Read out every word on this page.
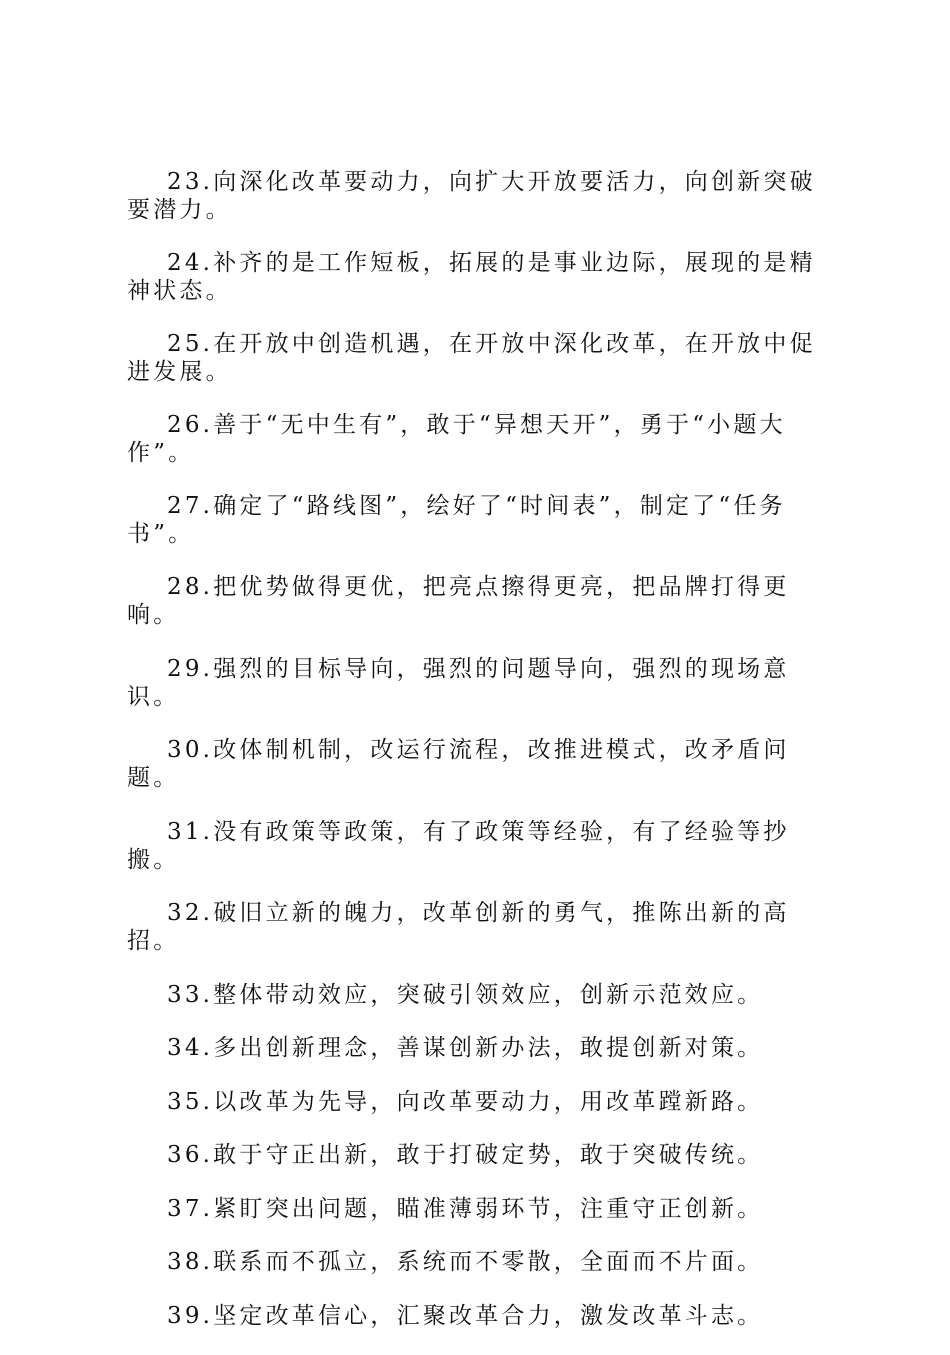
23.向深化改革要动力，向扩大开放要活力，向创新突破要潜力。

24.补齐的是工作短板，拓展的是事业边际，展现的是精神状态。

25.在开放中创造机遇，在开放中深化改革，在开放中促进发展。

26.善于“无中生有”，敢于“异想天开”，勇于“小题大作”。

27.确定了“路线图”，绘好了“时间表”，制定了“任务书”。

28.把优势做得更优，把亮点擦得更亮，把品牌打得更响。

29.强烈的目标导向，强烈的问题导向，强烈的现场意识。

30.改体制机制，改运行流程，改推进模式，改矛盾问题。

31.没有政策等政策，有了政策等经验，有了经验等抄搬。

32.破旧立新的魄力，改革创新的勇气，推陈出新的高招。

33.整体带动效应，突破引领效应，创新示范效应。

34.多出创新理念，善谋创新办法，敢提创新对策。

35.以改革为先导，向改革要动力，用改革蹚新路。

36.敢于守正出新，敢于打破定势，敢于突破传统。

37.紧盯突出问题，瞄准薄弱环节，注重守正创新。

38.联系而不孤立，系统而不零散，全面而不片面。

39.坚定改革信心，汇聚改革合力，激发改革斗志。
